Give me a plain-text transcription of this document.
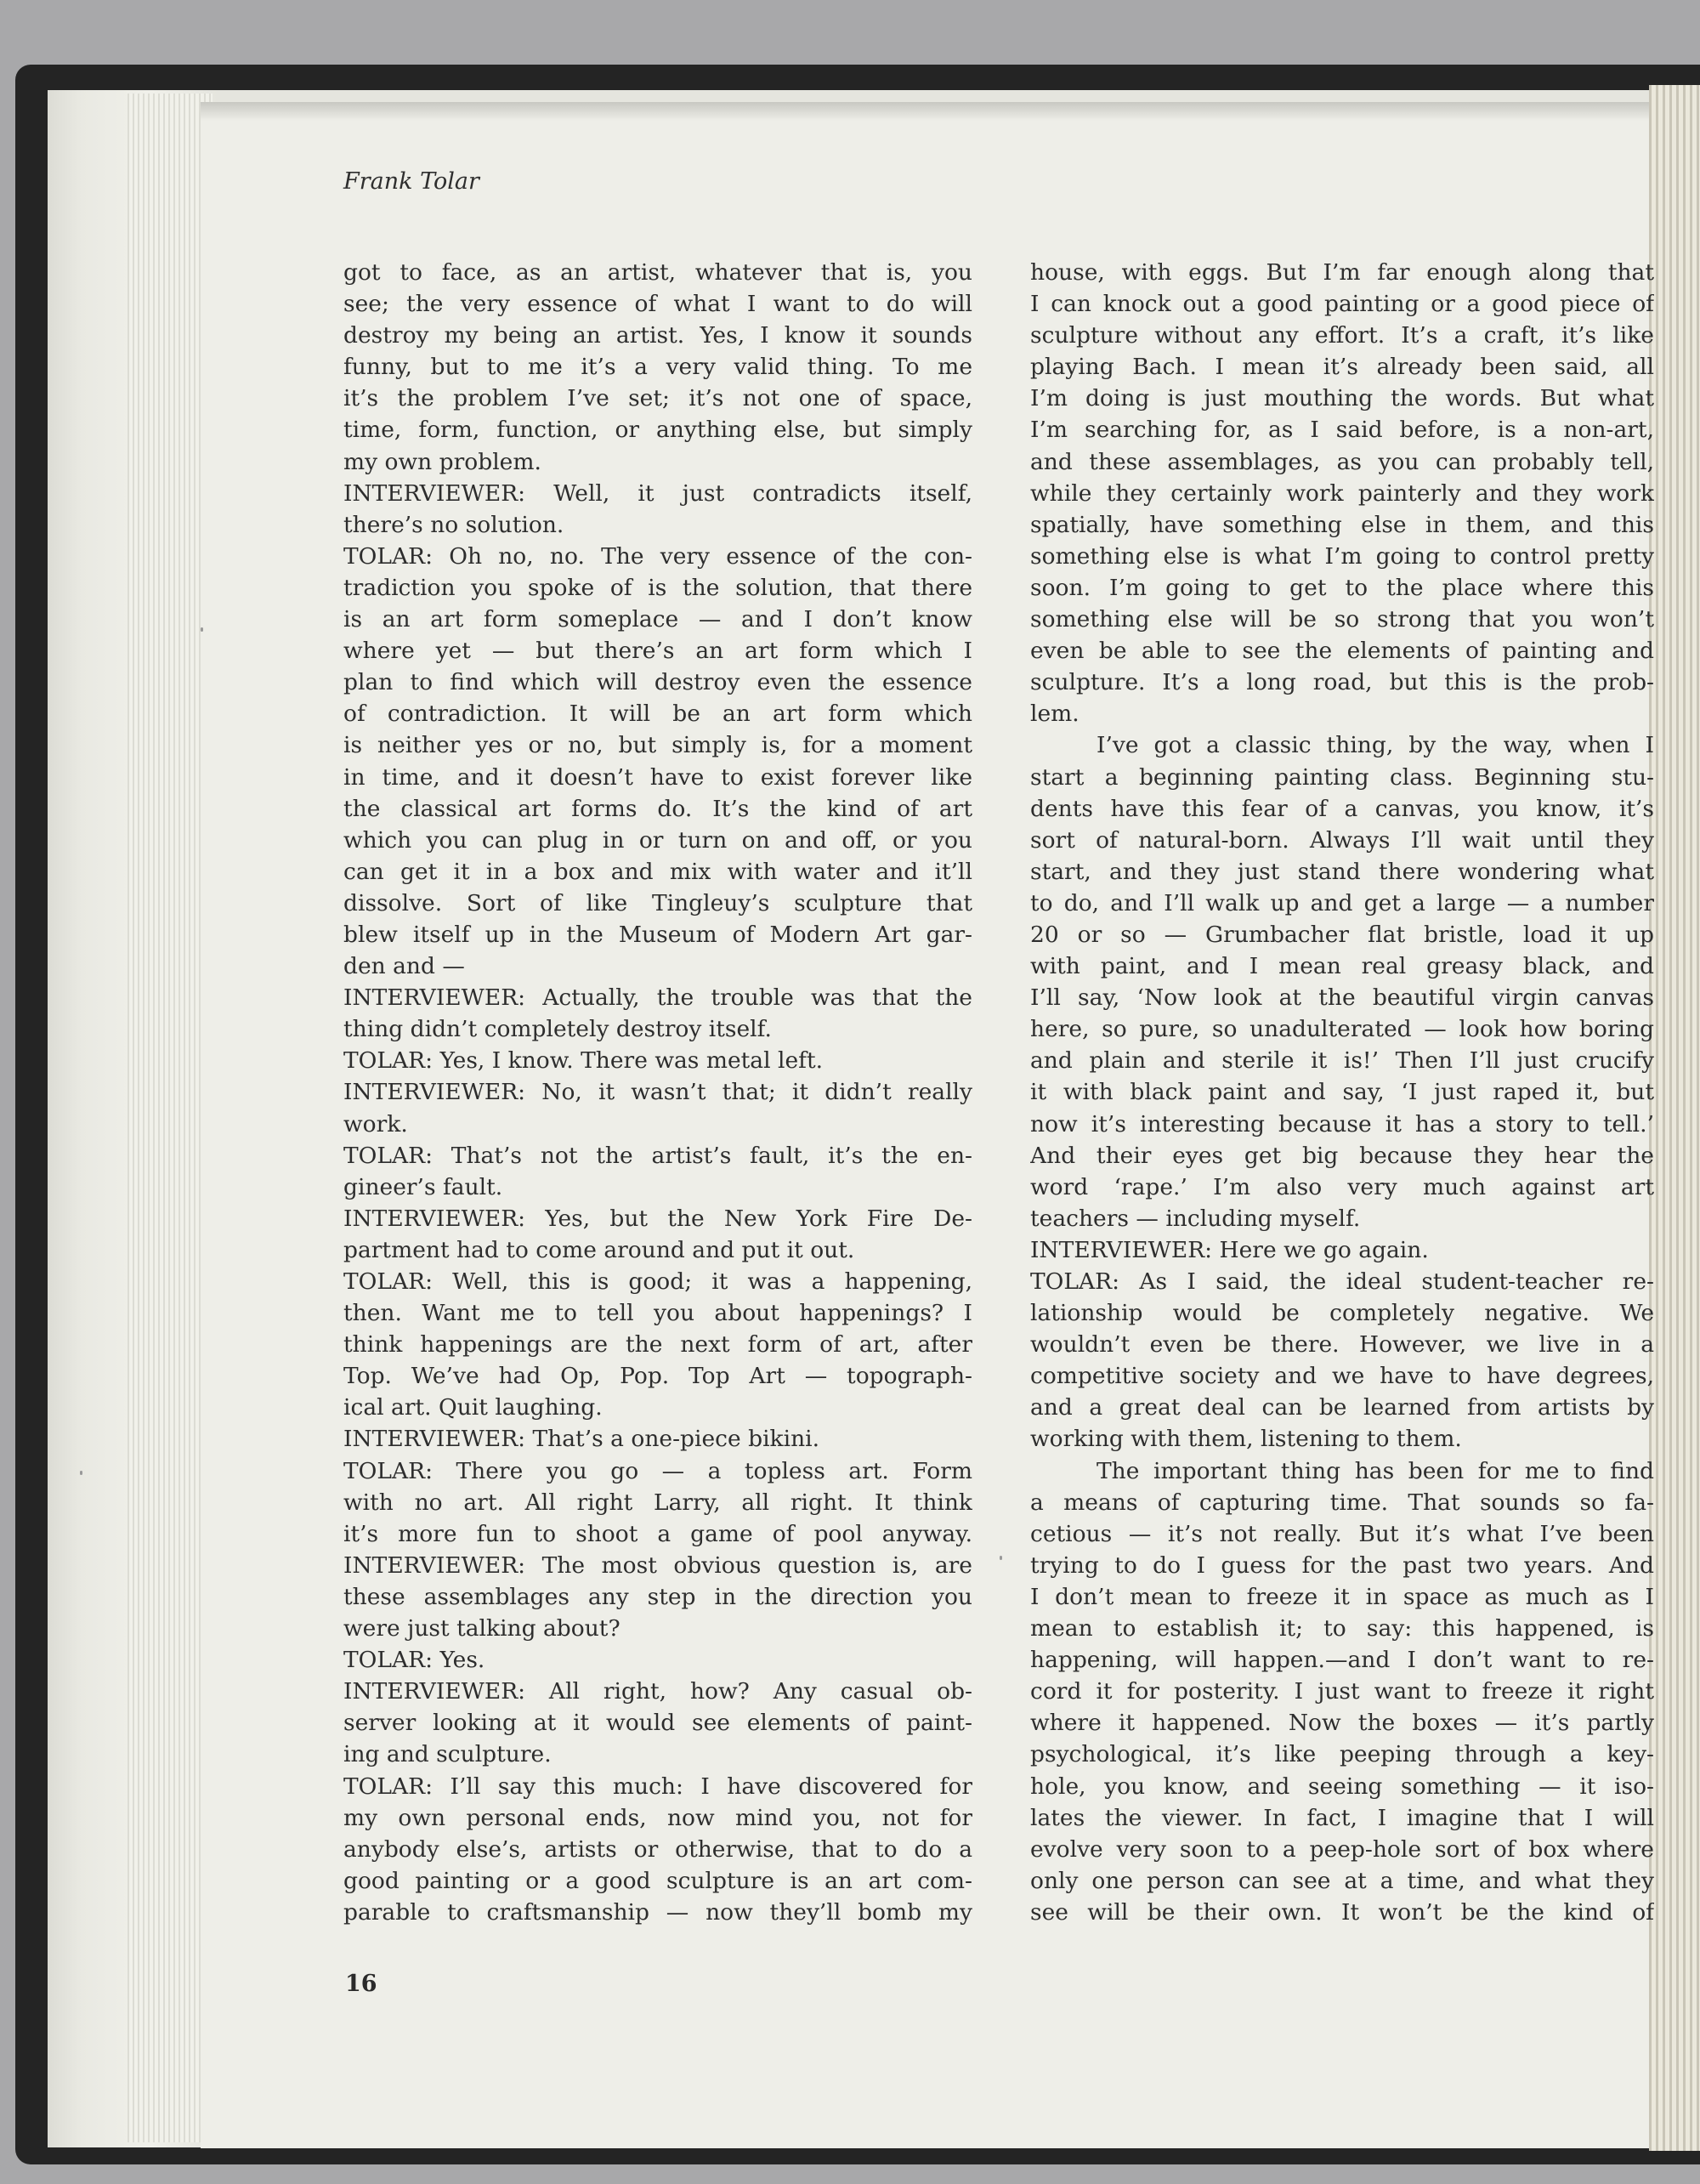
Frank Tolar
got to face, as an artist, whatever that is, you
see; the very essence of what I want to do will
destroy my being an artist. Yes, I know it sounds
funny, but to me it’s a very valid thing. To me
it’s the problem I’ve set; it’s not one of space,
time, form, function, or anything else, but simply
my own problem.
INTERVIEWER: Well, it just contradicts itself,
there’s no solution.
TOLAR: Oh no, no. The very essence of the con-
tradiction you spoke of is the solution, that there
is an art form someplace — and I don’t know
where yet — but there’s an art form which I
plan to find which will destroy even the essence
of contradiction. It will be an art form which
is neither yes or no, but simply is, for a moment
in time, and it doesn’t have to exist forever like
the classical art forms do. It’s the kind of art
which you can plug in or turn on and off, or you
can get it in a box and mix with water and it’ll
dissolve. Sort of like Tingleuy’s sculpture that
blew itself up in the Museum of Modern Art gar-
den and —
INTERVIEWER: Actually, the trouble was that the
thing didn’t completely destroy itself.
TOLAR: Yes, I know. There was metal left.
INTERVIEWER: No, it wasn’t that; it didn’t really
work.
TOLAR: That’s not the artist’s fault, it’s the en-
gineer’s fault.
INTERVIEWER: Yes, but the New York Fire De-
partment had to come around and put it out.
TOLAR: Well, this is good; it was a happening,
then. Want me to tell you about happenings? I
think happenings are the next form of art, after
Top. We’ve had Op, Pop. Top Art — topograph-
ical art. Quit laughing.
INTERVIEWER: That’s a one-piece bikini.
TOLAR: There you go — a topless art. Form
with no art. All right Larry, all right. It think
it’s more fun to shoot a game of pool anyway.
INTERVIEWER: The most obvious question is, are
these assemblages any step in the direction you
were just talking about?
TOLAR: Yes.
INTERVIEWER: All right, how? Any casual ob-
server looking at it would see elements of paint-
ing and sculpture.
TOLAR: I’ll say this much: I have discovered for
my own personal ends, now mind you, not for
anybody else’s, artists or otherwise, that to do a
good painting or a good sculpture is an art com-
parable to craftsmanship — now they’ll bomb my
house, with eggs. But I’m far enough along that
I can knock out a good painting or a good piece of
sculpture without any effort. It’s a craft, it’s like
playing Bach. I mean it’s already been said, all
I’m doing is just mouthing the words. But what
I’m searching for, as I said before, is a non-art,
and these assemblages, as you can probably tell,
while they certainly work painterly and they work
spatially, have something else in them, and this
something else is what I’m going to control pretty
soon. I’m going to get to the place where this
something else will be so strong that you won’t
even be able to see the elements of painting and
sculpture. It’s a long road, but this is the prob-
lem.
I’ve got a classic thing, by the way, when I
start a beginning painting class. Beginning stu-
dents have this fear of a canvas, you know, it’s
sort of natural-born. Always I’ll wait until they
start, and they just stand there wondering what
to do, and I’ll walk up and get a large — a number
20 or so — Grumbacher flat bristle, load it up
with paint, and I mean real greasy black, and
I’ll say, ‘Now look at the beautiful virgin canvas
here, so pure, so unadulterated — look how boring
and plain and sterile it is!’ Then I’ll just crucify
it with black paint and say, ‘I just raped it, but
now it’s interesting because it has a story to tell.’
And their eyes get big because they hear the
word ‘rape.’ I’m also very much against art
teachers — including myself.
INTERVIEWER: Here we go again.
TOLAR: As I said, the ideal student-teacher re-
lationship would be completely negative. We
wouldn’t even be there. However, we live in a
competitive society and we have to have degrees,
and a great deal can be learned from artists by
working with them, listening to them.
The important thing has been for me to find
a means of capturing time. That sounds so fa-
cetious — it’s not really. But it’s what I’ve been
trying to do I guess for the past two years. And
I don’t mean to freeze it in space as much as I
mean to establish it; to say: this happened, is
happening, will happen.—and I don’t want to re-
cord it for posterity. I just want to freeze it right
where it happened. Now the boxes — it’s partly
psychological, it’s like peeping through a key-
hole, you know, and seeing something — it iso-
lates the viewer. In fact, I imagine that I will
evolve very soon to a peep-hole sort of box where
only one person can see at a time, and what they
see will be their own. It won’t be the kind of
16
